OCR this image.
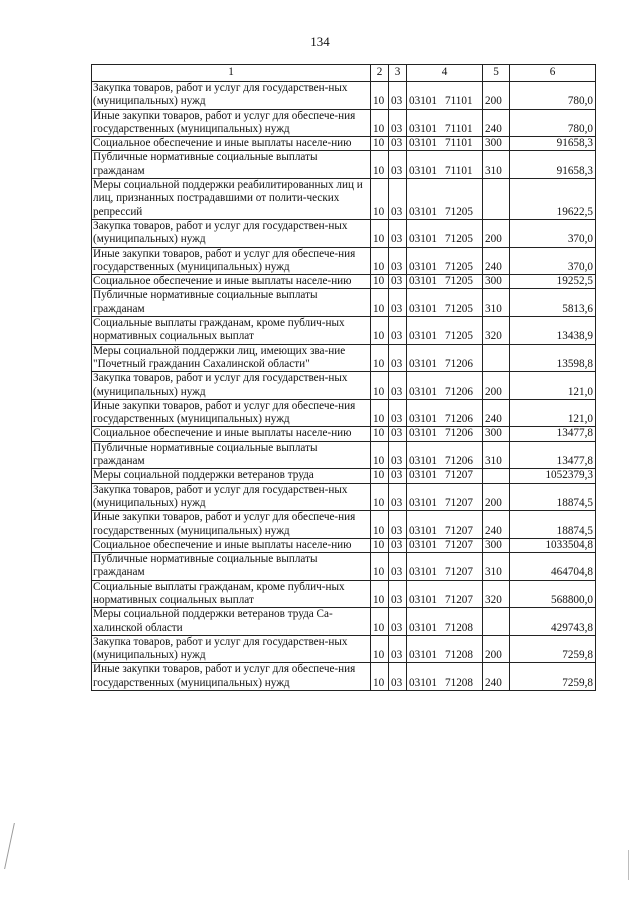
134
1	2	3	4	5	6
Закупка товаров, работ и услуг для государствен-ных (муниципальных) нужд	10	03	03101 71101	200	780,0
Иные закупки товаров, работ и услуг для обеспече-ния государственных (муниципальных) нужд	10	03	03101 71101	240	780,0
Социальное обеспечение и иные выплаты населе-нию	10	03	03101 71101	300	91658,3
Публичные нормативные социальные выплаты гражданам	10	03	03101 71101	310	91658,3
Меры социальной поддержки реабилитированных лиц и лиц, признанных пострадавшими от полити-ческих репрессий	10	03	03101 71205		19622,5
Закупка товаров, работ и услуг для государствен-ных (муниципальных) нужд	10	03	03101 71205	200	370,0
Иные закупки товаров, работ и услуг для обеспече-ния государственных (муниципальных) нужд	10	03	03101 71205	240	370,0
Социальное обеспечение и иные выплаты населе-нию	10	03	03101 71205	300	19252,5
Публичные нормативные социальные выплаты гражданам	10	03	03101 71205	310	5813,6
Социальные выплаты гражданам, кроме публич-ных нормативных социальных выплат	10	03	03101 71205	320	13438,9
Меры социальной поддержки лиц, имеющих зва-ние "Почетный гражданин Сахалинской области"	10	03	03101 71206		13598,8
Закупка товаров, работ и услуг для государствен-ных (муниципальных) нужд	10	03	03101 71206	200	121,0
Иные закупки товаров, работ и услуг для обеспече-ния государственных (муниципальных) нужд	10	03	03101 71206	240	121,0
Социальное обеспечение и иные выплаты населе-нию	10	03	03101 71206	300	13477,8
Публичные нормативные социальные выплаты гражданам	10	03	03101 71206	310	13477,8
Меры социальной поддержки ветеранов труда	10	03	03101 71207		1052379,3
Закупка товаров, работ и услуг для государствен-ных (муниципальных) нужд	10	03	03101 71207	200	18874,5
Иные закупки товаров, работ и услуг для обеспече-ния государственных (муниципальных) нужд	10	03	03101 71207	240	18874,5
Социальное обеспечение и иные выплаты населе-нию	10	03	03101 71207	300	1033504,8
Публичные нормативные социальные выплаты гражданам	10	03	03101 71207	310	464704,8
Социальные выплаты гражданам, кроме публич-ных нормативных социальных выплат	10	03	03101 71207	320	568800,0
Меры социальной поддержки ветеранов труда Са-халинской области	10	03	03101 71208		429743,8
Закупка товаров, работ и услуг для государствен-ных (муниципальных) нужд	10	03	03101 71208	200	7259,8
Иные закупки товаров, работ и услуг для обеспече-ния государственных (муниципальных) нужд	10	03	03101 71208	240	7259,8
